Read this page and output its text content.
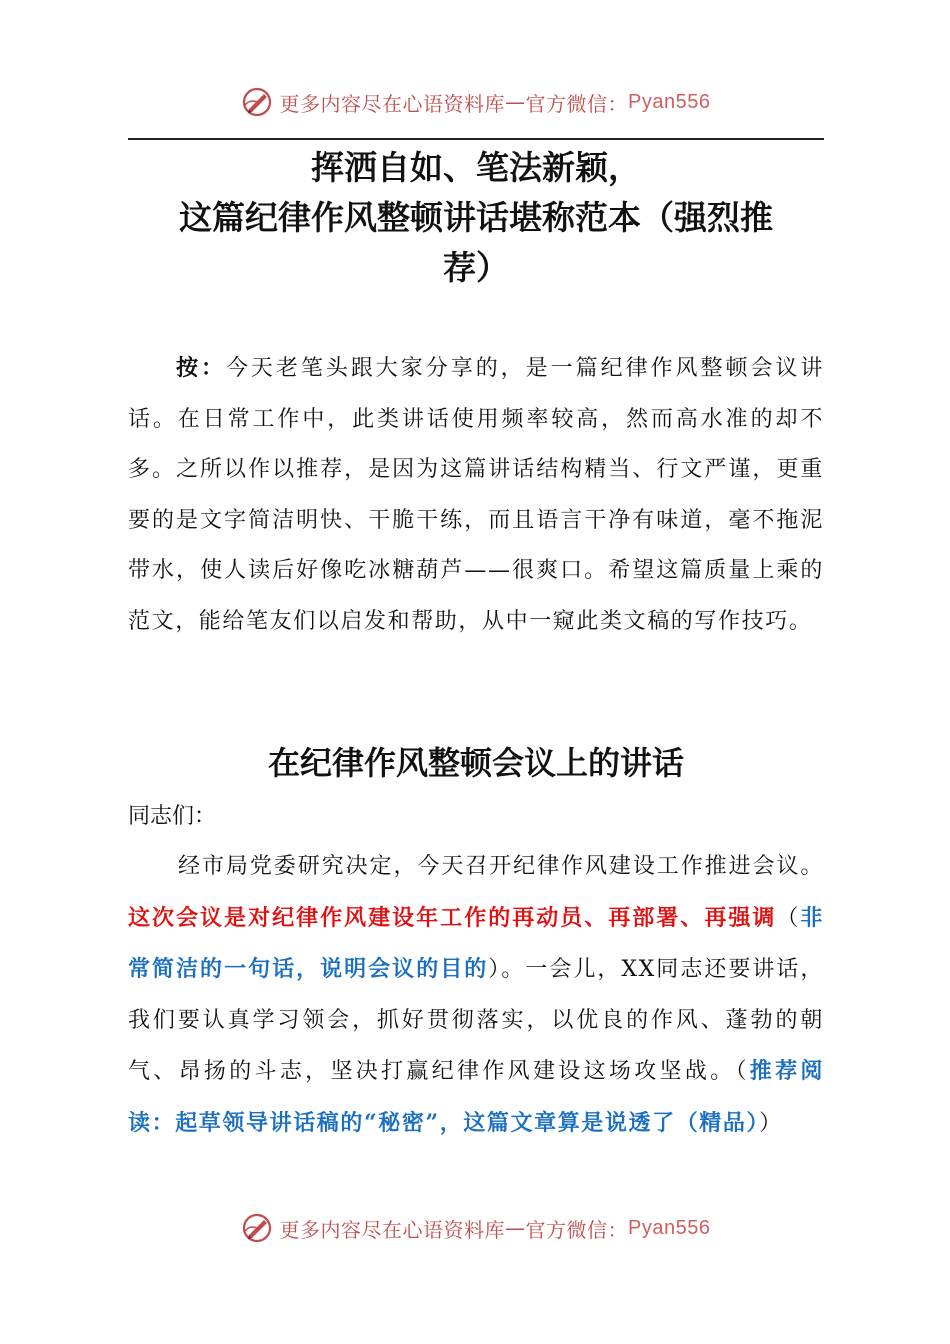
更多内容尽在心语资料库 — 官方微信： Pyan556
挥洒自如、笔法新颖，
这篇纪律作风整顿讲话堪称范本（强烈推
荐）
按：今天老笔头跟大家分享的，是一篇纪律作风整顿会议讲话。在日常工作中，此类讲话使用频率较高，然而高水准的却不多。之所以作以推荐，是因为这篇讲话结构精当、行文严谨，更重要的是文字简洁明快、干脆干练，而且语言干净有味道，毫不拖泥带水，使人读后好像吃冰糖葫芦——很爽口。希望这篇质量上乘的范文，能给笔友们以启发和帮助，从中一窥此类文稿的写作技巧。
在纪律作风整顿会议上的讲话
同志们：
经市局党委研究决定，今天召开纪律作风建设工作推进会议。这次会议是对纪律作风建设年工作的再动员、再部署、再强调（非常简洁的一句话，说明会议的目的）。一会儿，XX同志还要讲话，我们要认真学习领会，抓好贯彻落实，以优良的作风、蓬勃的朝气、昂扬的斗志，坚决打赢纪律作风建设这场攻坚战。（推荐阅读：起草领导讲话稿的“秘密”，这篇文章算是说透了（精品））
更多内容尽在心语资料库 — 官方微信： Pyan556
